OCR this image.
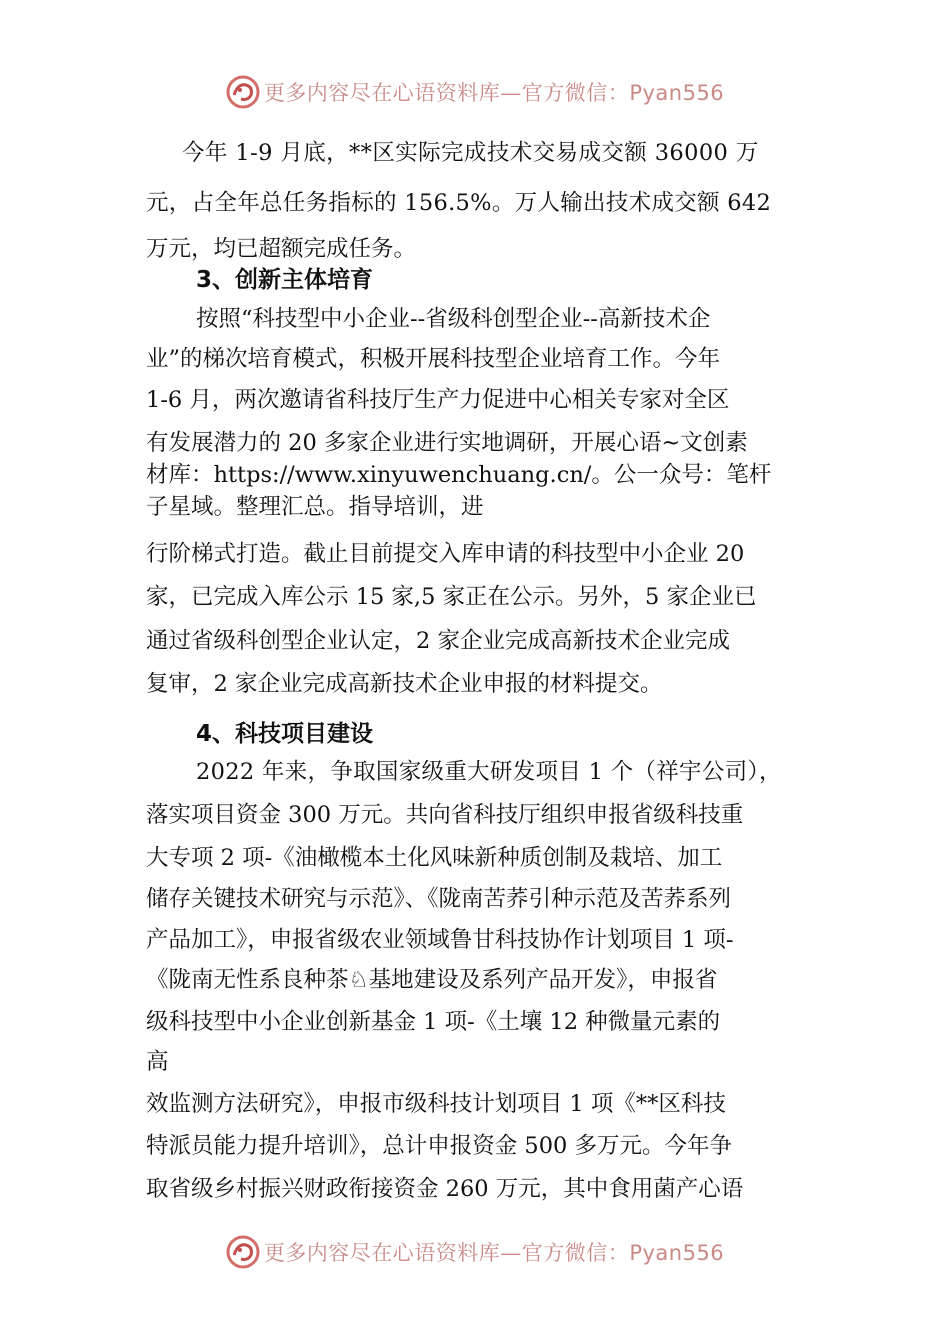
更多内容尽在心语资料库—官方微信：Pyan556
今年 1-9 月底，**区实际完成技术交易成交额 36000 万
元，占全年总任务指标的 156.5%。万人输出技术成交额 642
万元，均已超额完成任务。
3、创新主体培育
按照“科技型中小企业--省级科创型企业--高新技术企
业”的梯次培育模式，积极开展科技型企业培育工作。今年
1-6 月，两次邀请省科技厅生产力促进中心相关专家对全区
有发展潜力的 20 多家企业进行实地调研，开展心语~文创素
材库：https://www.xinyuwenchuang.cn/。公一众号：笔杆
子星域。整理汇总。指导培训，进
行阶梯式打造。截止目前提交入库申请的科技型中小企业 20
家，已完成入库公示 15 家,5 家正在公示。另外，5 家企业已
通过省级科创型企业认定，2 家企业完成高新技术企业完成
复审，2 家企业完成高新技术企业申报的材料提交。
4、科技项目建设
2022 年来，争取国家级重大研发项目 1 个（祥宇公司），
落实项目资金 300 万元。共向省科技厅组织申报省级科技重
大专项 2 项-《油橄榄本土化风味新种质创制及栽培、加工
储存关键技术研究与示范》、《陇南苦荞引种示范及苦荞系列
产品加工》，申报省级农业领域鲁甘科技协作计划项目 1 项-
《陇南无性系良种茶♘基地建设及系列产品开发》，申报省
级科技型中小企业创新基金 1 项-《土壤 12 种微量元素的
高
效监测方法研究》，申报市级科技计划项目 1 项《**区科技
特派员能力提升培训》，总计申报资金 500 多万元。今年争
取省级乡村振兴财政衔接资金 260 万元，其中食用菌产心语
更多内容尽在心语资料库—官方微信：Pyan556
